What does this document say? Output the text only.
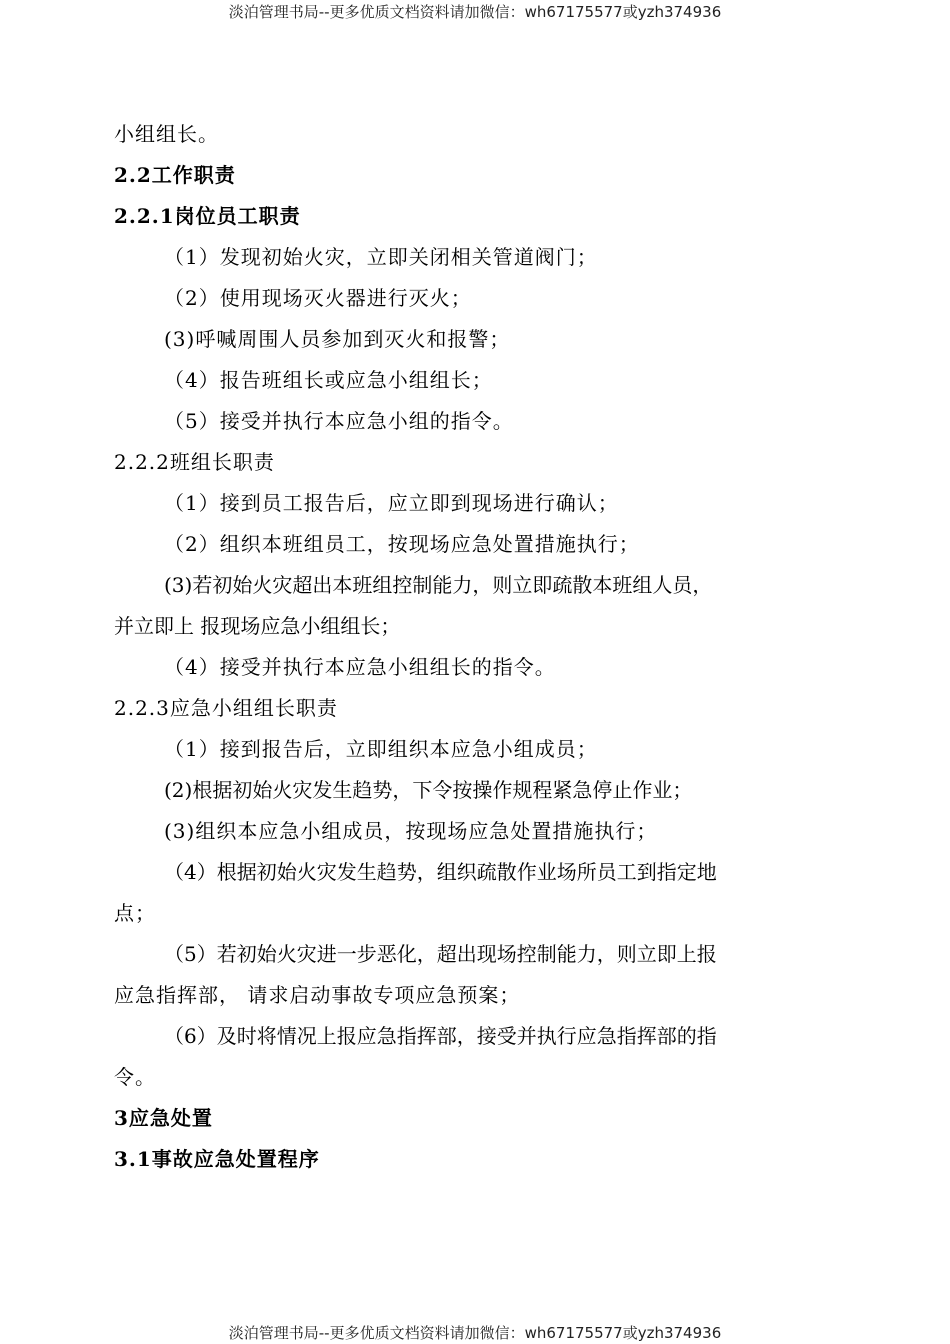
淡泊管理书局--更多优质文档资料请加微信：wh67175577或yzh374936
小组组长。
2.2工作职责
2.2.1岗位员工职责
（1）发现初始火灾，立即关闭相关管道阀门；
（2）使用现场灭火器进行灭火；
(3)呼喊周围人员参加到灭火和报警；
（4）报告班组长或应急小组组长；
（5）接受并执行本应急小组的指令。
2.2.2班组长职责
（1）接到员工报告后，应立即到现场进行确认；
（2）组织本班组员工，按现场应急处置措施执行；
(3)若初始火灾超出本班组控制能力，则立即疏散本班组人员，
并立即上 报现场应急小组组长；
（4）接受并执行本应急小组组长的指令。
2.2.3应急小组组长职责
（1）接到报告后，立即组织本应急小组成员；
(2)根据初始火灾发生趋势，下令按操作规程紧急停止作业；
(3)组织本应急小组成员，按现场应急处置措施执行；
（4）根据初始火灾发生趋势，组织疏散作业场所员工到指定地
点；
（5）若初始火灾进一步恶化，超出现场控制能力，则立即上报
应急指挥部， 请求启动事故专项应急预案；
（6）及时将情况上报应急指挥部，接受并执行应急指挥部的指
令。
3应急处置
3.1事故应急处置程序
淡泊管理书局--更多优质文档资料请加微信：wh67175577或yzh374936
